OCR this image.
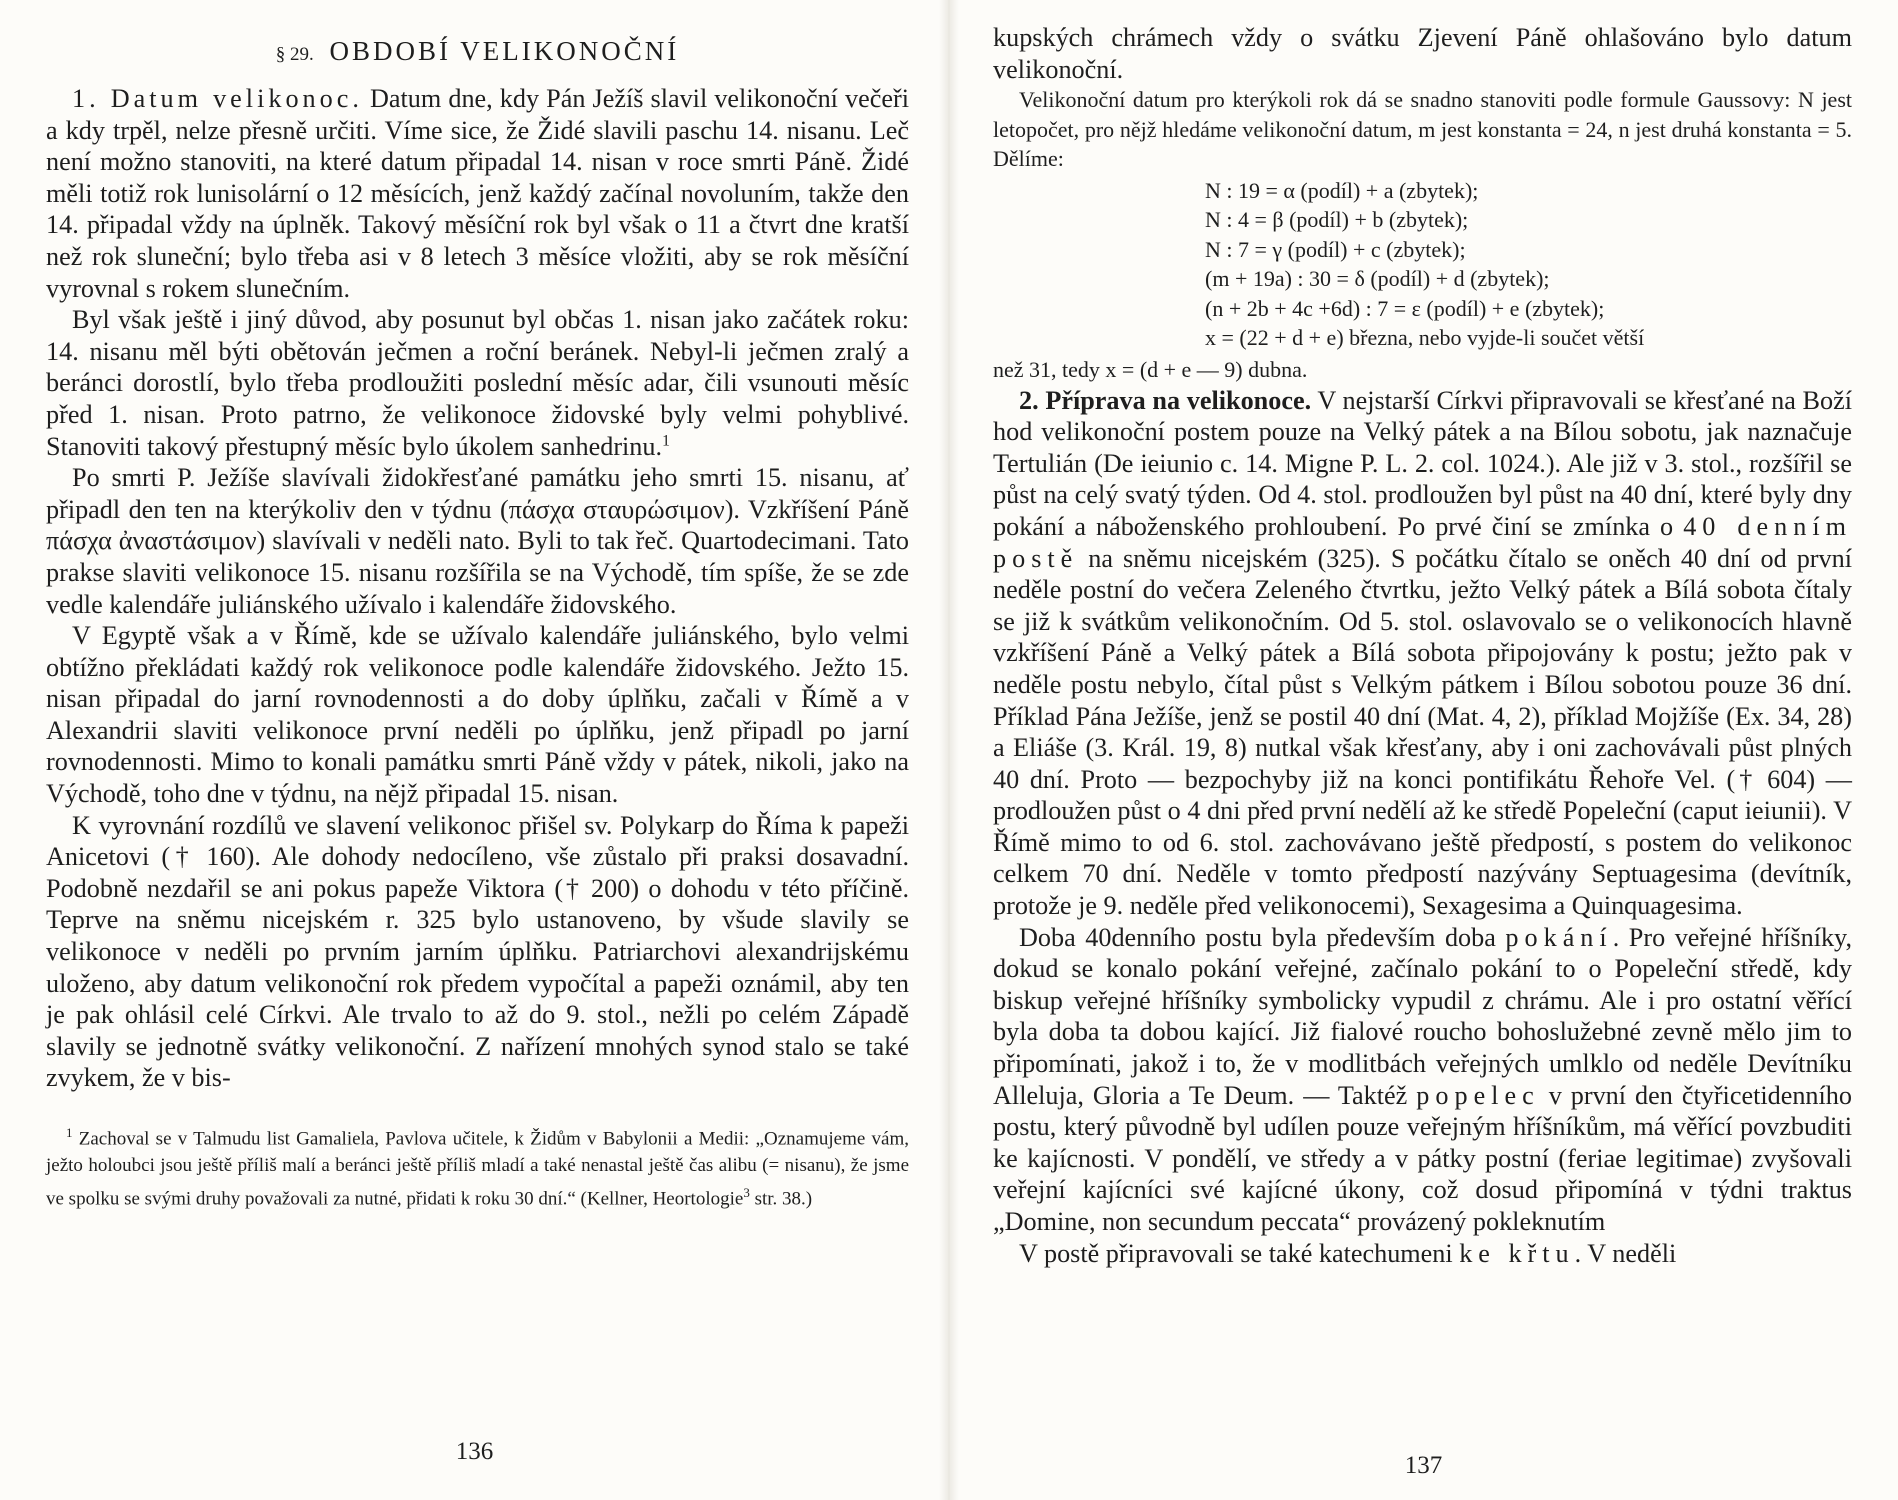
§ 29. OBDOBÍ VELIKONOČNÍ

1. Datum velikonoc. Datum dne, kdy Pán Ježíš slavil velikonoční večeři a kdy trpěl, nelze přesně určiti. Víme sice, že Židé slavili paschu 14. nisanu. Leč není možno stanoviti, na které datum připadal 14. nisan v roce smrti Páně. Židé měli totiž rok lunisolární o 12 měsících, jenž každý začínal novoluním, takže den 14. připadal vždy na úplněk. Takový měsíční rok byl však o 11 a čtvrt dne kratší než rok sluneční; bylo třeba asi v 8 letech 3 měsíce vložiti, aby se rok měsíční vyrovnal s rokem slunečním.

Byl však ještě i jiný důvod, aby posunut byl občas 1. nisan jako začátek roku: 14. nisanu měl býti obětován ječmen a roční beránek. Nebyl-li ječmen zralý a beránci dorostlí, bylo třeba prodloužiti poslední měsíc adar, čili vsunouti měsíc před 1. nisan. Proto patrno, že velikonoce židovské byly velmi pohyblivé. Stanoviti takový přestupný měsíc bylo úkolem sanhedrinu.$^1$

Po smrti P. Ježíše slavívali židokřesťané památku jeho smrti 15. nisanu, ať připadl den ten na kterýkoliv den v týdnu (πάσχα σταυρώσιμον). Vzkříšení Páně πάσχα ἀναστάσιμον) slavívali v neděli nato. Byli to tak řeč. Quartodecimani. Tato prakse slaviti velikonoce 15. nisanu rozšířila se na Východě, tím spíše, že se zde vedle kalendáře juliánského užívalo i kalendáře židovského.

V Egyptě však a v Římě, kde se užívalo kalendáře juliánského, bylo velmi obtížno překládati každý rok velikonoce podle kalendáře židovského. Ježto 15. nisan připadal do jarní rovnodennosti a do doby úplňku, začali v Římě a v Alexandrii slaviti velikonoce první neděli po úplňku, jenž připadl po jarní rovnodennosti. Mimo to konali památku smrti Páně vždy v pátek, nikoli, jako na Východě, toho dne v týdnu, na nějž připadal 15. nisan.

K vyrovnání rozdílů ve slavení velikonoc přišel sv. Polykarp do Říma k papeži Anicetovi († 160). Ale dohody nedocíleno, vše zůstalo při praksi dosavadní. Podobně nezdařil se ani pokus papeže Viktora († 200) o dohodu v této příčině. Teprve na sněmu nicejském r. 325 bylo ustanoveno, by všude slavily se velikonoce v neděli po prvním jarním úplňku. Patriarchovi alexandrijskému uloženo, aby datum velikonoční rok předem vypočítal a papeži oznámil, aby ten je pak ohlásil celé Církvi. Ale trvalo to až do 9. stol., nežli po celém Západě slavily se jednotně svátky velikonoční. Z nařízení mnohých synod stalo se také zvykem, že v bis-

$^1$ Zachoval se v Talmudu list Gamaliela, Pavlova učitele, k Židům v Babylonii a Medii: „Oznamujeme vám, ježto holoubci jsou ještě příliš malí a beránci ještě příliš mladí a také nenastal ještě čas alibu (= nisanu), že jsme ve spolku se svými druhy považovali za nutné, přidati k roku 30 dní.“ (Kellner, Heortologie$^3$ str. 38.)

136

kupských chrámech vždy o svátku Zjevení Páně ohlašováno bylo datum velikonoční.

Velikonoční datum pro kterýkoli rok dá se snadno stanoviti podle formule Gaussovy: N jest letopočet, pro nějž hledáme velikonoční datum, m jest konstanta = 24, n jest druhá konstanta = 5. Dělíme:

N : 19 = α (podíl) + a (zbytek);
N : 4 = β (podíl) + b (zbytek);
N : 7 = γ (podíl) + c (zbytek);
(m + 19a) : 30 = δ (podíl) + d (zbytek);
(n + 2b + 4c +6d) : 7 = ε (podíl) + e (zbytek);
x = (22 + d + e) března, nebo vyjde-li součet větší

než 31, tedy x = (d + e — 9) dubna.

2. Příprava na velikonoce. V nejstarší Církvi připravovali se křesťané na Boží hod velikonoční postem pouze na Velký pátek a na Bílou sobotu, jak naznačuje Tertulián (De ieiunio c. 14. Migne P. L. 2. col. 1024.). Ale již v 3. stol., rozšířil se půst na celý svatý týden. Od 4. stol. prodloužen byl půst na 40 dní, které byly dny pokání a náboženského prohloubení. Po prvé činí se zmínka o 40 denním postě na sněmu nicejském (325). S počátku čítalo se oněch 40 dní od první neděle postní do večera Zeleného čtvrtku, ježto Velký pátek a Bílá sobota čítaly se již k svátkům velikonočním. Od 5. stol. oslavovalo se o velikonocích hlavně vzkříšení Páně a Velký pátek a Bílá sobota připojovány k postu; ježto pak v neděle postu nebylo, čítal půst s Velkým pátkem i Bílou sobotou pouze 36 dní. Příklad Pána Ježíše, jenž se postil 40 dní (Mat. 4, 2), příklad Mojžíše (Ex. 34, 28) a Eliáše (3. Král. 19, 8) nutkal však křesťany, aby i oni zachovávali půst plných 40 dní. Proto — bezpochyby již na konci pontifikátu Řehoře Vel. († 604) — prodloužen půst o 4 dni před první nedělí až ke středě Popeleční (caput ieiunii). V Římě mimo to od 6. stol. zachovávano ještě předpostí, s postem do velikonoc celkem 70 dní. Neděle v tomto předpostí nazývány Septuagesima (devítník, protože je 9. neděle před velikonocemi), Sexagesima a Quinquagesima.

Doba 40denního postu byla především doba pokání. Pro veřejné hříšníky, dokud se konalo pokání veřejné, začínalo pokání to o Popeleční středě, kdy biskup veřejné hříšníky symbolicky vypudil z chrámu. Ale i pro ostatní věřící byla doba ta dobou kající. Již fialové roucho bohoslužebné zevně mělo jim to připomínati, jakož i to, že v modlitbách veřejných umlklo od neděle Devítníku Alleluja, Gloria a Te Deum. — Taktéž popelec v první den čtyřicetidenního postu, který původně byl udílen pouze veřejným hříšníkům, má věřící povzbuditi ke kajícnosti. V pondělí, ve středy a v pátky postní (feriae legitimae) zvyšovali veřejní kajícníci své kajícné úkony, což dosud připomíná v týdni traktus „Domine, non secundum peccata“ provázený pokleknutím

V postě připravovali se také katechumeni ke křtu. V neděli

137
